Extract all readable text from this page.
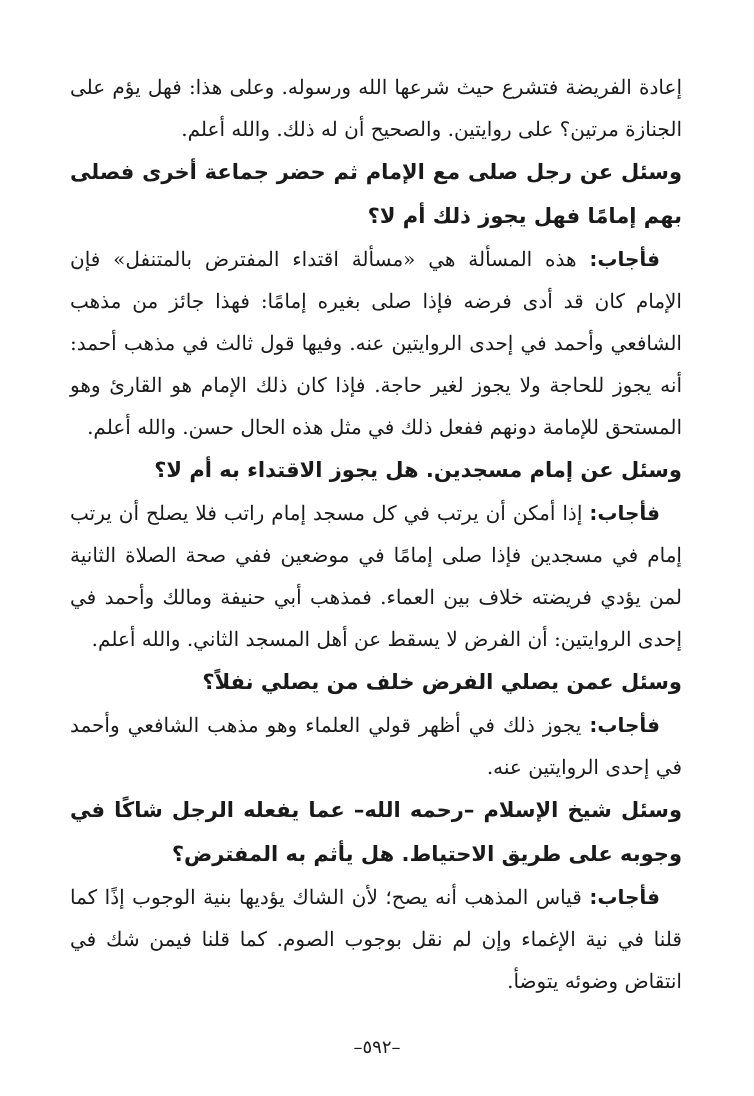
إعادة الفريضة فتشرع حيث شرعها الله ورسوله. وعلى هذا: فهل يؤم على الجنازة مرتين؟ على روايتين. والصحيح أن له ذلك. والله أعلم.

وسئل عن رجل صلى مع الإمام ثم حضر جماعة أخرى فصلى بهم إمامًا فهل يجوز ذلك أم لا؟

فأجاب: هذه المسألة هي «مسألة اقتداء المفترض بالمتنفل» فإن الإمام كان قد أدى فرضه فإذا صلى بغيره إمامًا: فهذا جائز من مذهب الشافعي وأحمد في إحدى الروايتين عنه. وفيها قول ثالث في مذهب أحمد: أنه يجوز للحاجة ولا يجوز لغير حاجة. فإذا كان ذلك الإمام هو القارئ وهو المستحق للإمامة دونهم ففعل ذلك في مثل هذه الحال حسن. والله أعلم.

وسئل عن إمام مسجدين. هل يجوز الاقتداء به أم لا؟

فأجاب: إذا أمكن أن يرتب في كل مسجد إمام راتب فلا يصلح أن يرتب إمام في مسجدين فإذا صلى إمامًا في موضعين ففي صحة الصلاة الثانية لمن يؤدي فريضته خلاف بين العماء. فمذهب أبي حنيفة ومالك وأحمد في إحدى الروايتين: أن الفرض لا يسقط عن أهل المسجد الثاني. والله أعلم.

وسئل عمن يصلي الفرض خلف من يصلي نفلاً؟

فأجاب: يجوز ذلك في أظهر قولي العلماء وهو مذهب الشافعي وأحمد في إحدى الروايتين عنه.

وسئل شيخ الإسلام –رحمه الله– عما يفعله الرجل شاكًا في وجوبه على طريق الاحتياط. هل يأثم به المفترض؟

فأجاب: قياس المذهب أنه يصح؛ لأن الشاك يؤديها بنية الوجوب إذًا كما قلنا في نية الإغماء وإن لم نقل بوجوب الصوم. كما قلنا فيمن شك في انتقاض وضوئه يتوضأ.

–٥٩٢–
